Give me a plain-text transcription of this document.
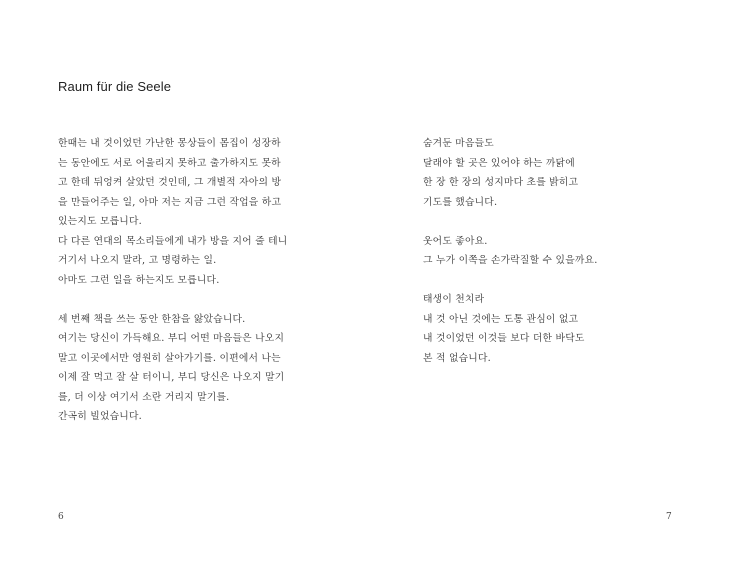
Raum für die Seele

한때는 내 것이었던 가난한 몽상들이 몸집이 성장하
는 동안에도 서로 어울리지 못하고 출가하지도 못하
고 한데 뒤엉켜 살았던 것인데, 그 개별적 자아의 방
을 만들어주는 일, 아마 저는 지금 그런 작업을 하고
있는지도 모릅니다.
다 다른 연대의 목소리들에게 내가 방을 지어 줄 테니
거기서 나오지 말라, 고 명령하는 일.
아마도 그런 일을 하는지도 모릅니다.

세 번째 책을 쓰는 동안 한참을 앓았습니다.
여기는 당신이 가득해요. 부디 어떤 마음들은 나오지
말고 이곳에서만 영원히 살아가기를. 이편에서 나는
이제 잘 먹고 잘 살 터이니, 부디 당신은 나오지 말기
를, 더 이상 여기서 소란 거리지 말기를.
간곡히 빌었습니다.

6	7

숨겨둔 마음들도
달래야 할 곳은 있어야 하는 까닭에
한 장 한 장의 성지마다 초를 밝히고
기도를 했습니다.

웃어도 좋아요.
그 누가 이쪽을 손가락질할 수 있을까요.

태생이 천치라
내 것 아닌 것에는 도통 관심이 없고
내 것이었던 이것들 보다 더한 바닥도
본 적 없습니다.
